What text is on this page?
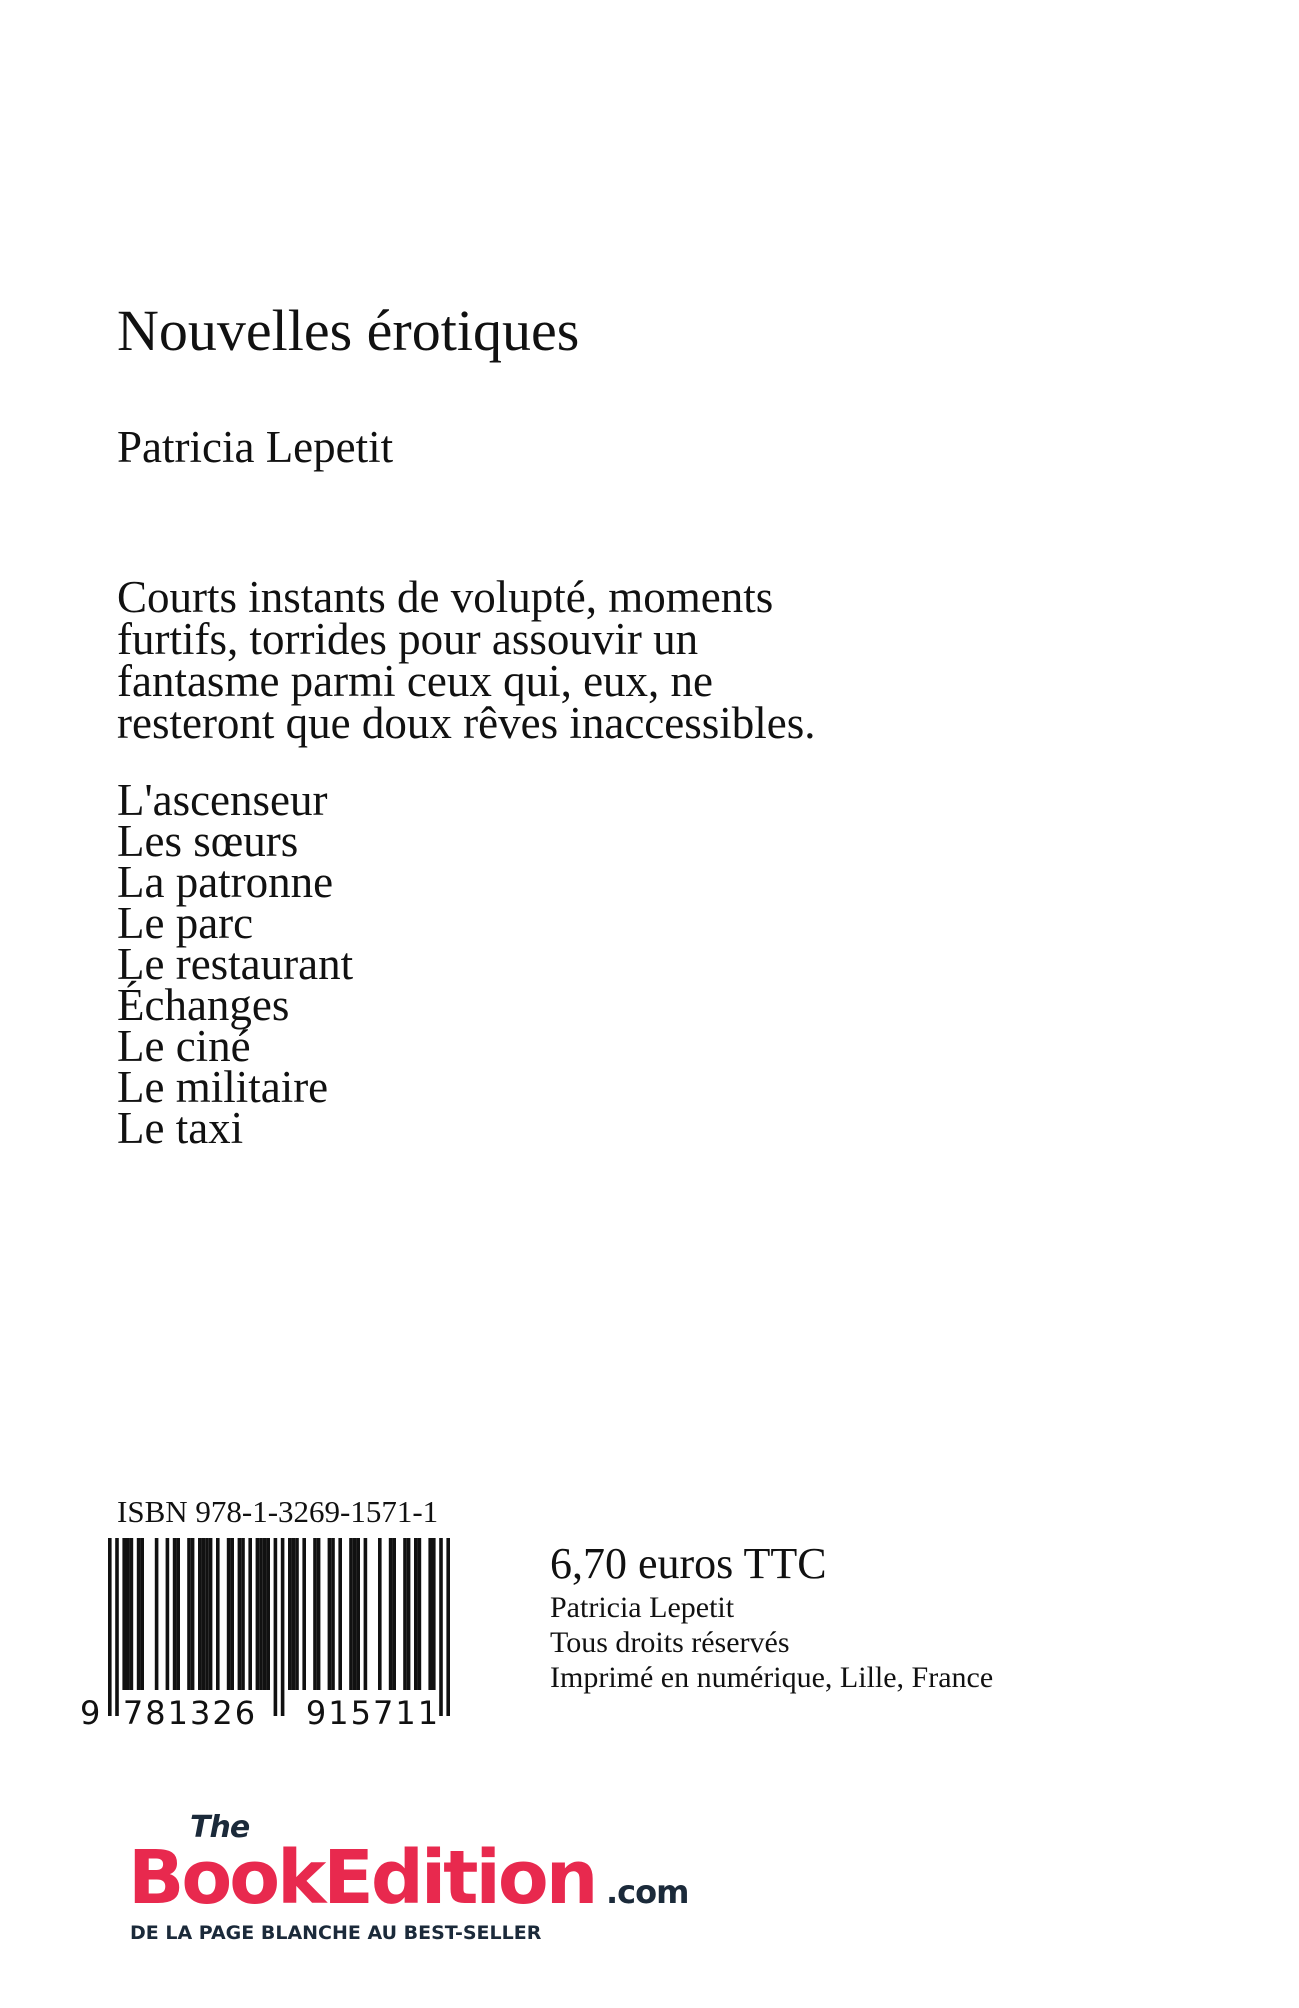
Nouvelles érotiques
Patricia Lepetit

Courts instants de volupté, moments
furtifs, torrides pour assouvir un
fantasme parmi ceux qui, eux, ne
resteront que doux rêves inaccessibles.

L'ascenseur
Les sœurs
La patronne
Le parc
Le restaurant
Échanges
Le ciné
Le militaire
Le taxi
ISBN 978-1-3269-1571-1
9 781326 915711
6,70 euros TTC
Patricia Lepetit
Tous droits réservés
Imprimé en numérique, Lille, France
The
BookEdition .com
DE LA PAGE BLANCHE AU BEST-SELLER
